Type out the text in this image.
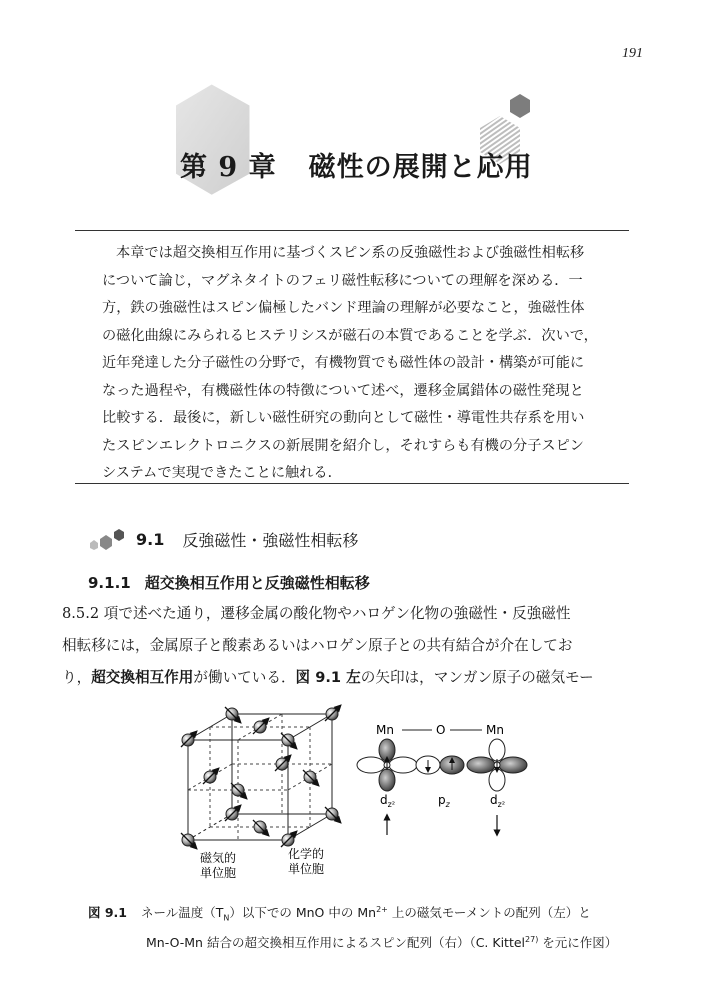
191
第 9 章 磁性の展開と応用

本章では超交換相互作用に基づくスピン系の反強磁性および強磁性相転移

について論じ，マグネタイトのフェリ磁性転移についての理解を深める．一

方，鉄の強磁性はスピン偏極したバンド理論の理解が必要なこと，強磁性体

の磁化曲線にみられるヒステリシスが磁石の本質であることを学ぶ．次いで，

近年発達した分子磁性の分野で，有機物質でも磁性体の設計・構築が可能に

なった過程や，有機磁性体の特徴について述べ，遷移金属錯体の磁性発現と

比較する．最後に，新しい磁性研究の動向として磁性・導電性共存系を用い

たスピンエレクトロニクスの新展開を紹介し，それすらも有機の分子スピン

システムで実現できたことに触れる．

9.1 反強磁性・強磁性相転移
9.1.1 超交換相互作用と反強磁性相転移

8.5.2 項で述べた通り，遷移金属の酸化物やハロゲン化物の強磁性・反強磁性

相転移には，金属原子と酸素あるいはハロゲン原子との共有結合が介在してお

り，超交換相互作用が働いている．図 9.1 左の矢印は，マンガン原子の磁気モー

磁気的
単位胞
化学的
単位胞
Mn	O	Mn
$d_{z^2}$	$p_z$	$d_{z^2}$
図 9.1 ネール温度$(T_N)$以下での MnO 中の $Mn^{2+}$ 上の磁気モーメントの配列（左）と
Mn-O-Mn 結合の超交換相互作用によるスピン配列（右）（C. Kittel$^{27)}$ を元に作図）
